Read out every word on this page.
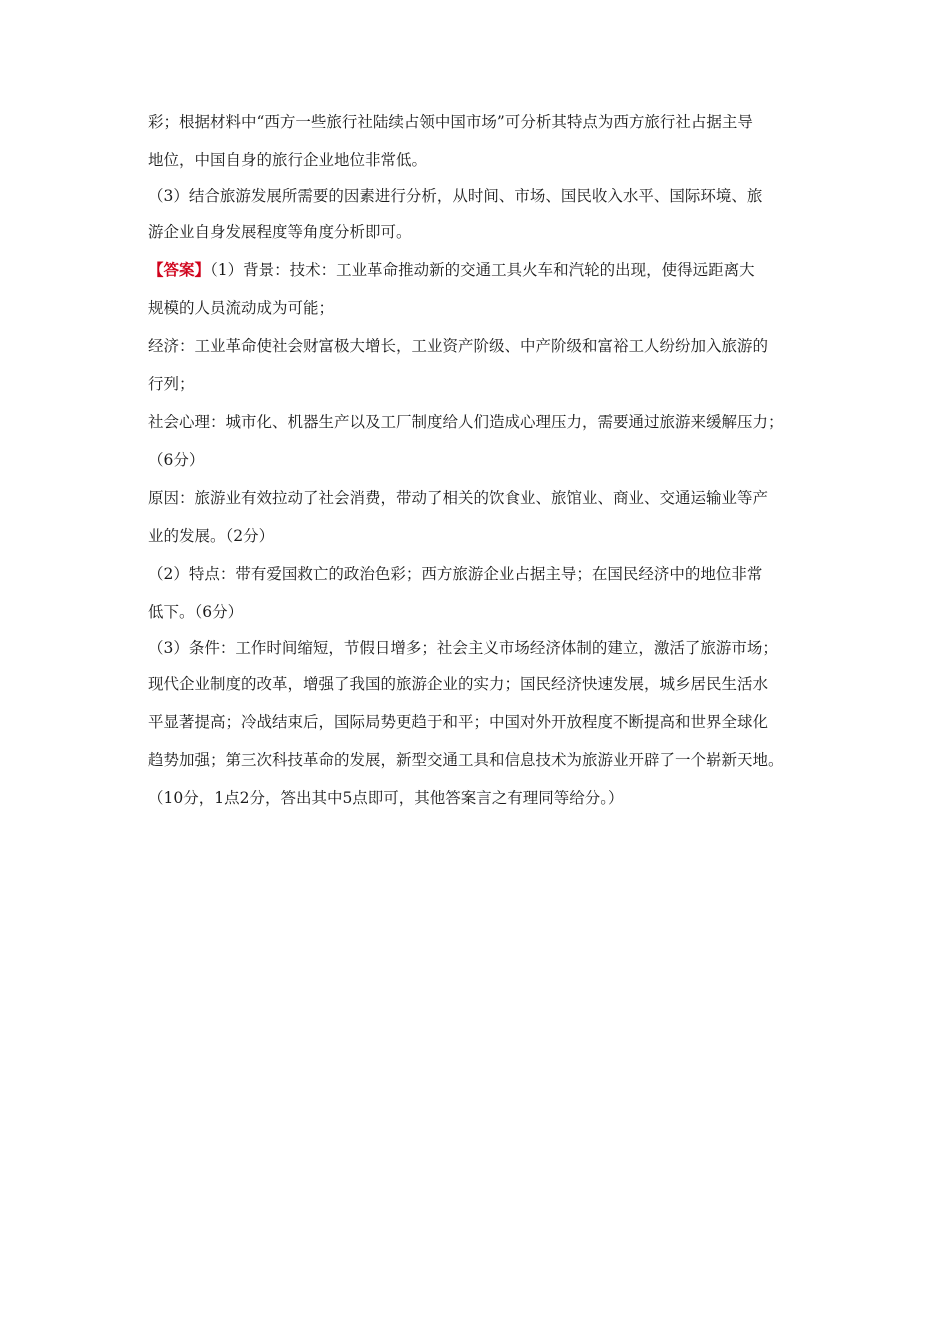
彩；根据材料中“西方一些旅行社陆续占领中国市场”可分析其特点为西方旅行社占据主导
地位，中国自身的旅行企业地位非常低。
（3）结合旅游发展所需要的因素进行分析，从时间、市场、国民收入水平、国际环境、旅
游企业自身发展程度等角度分析即可。
【答案】（1）背景：技术：工业革命推动新的交通工具火车和汽轮的出现，使得远距离大
规模的人员流动成为可能；
经济：工业革命使社会财富极大增长，工业资产阶级、中产阶级和富裕工人纷纷加入旅游的
行列；
社会心理：城市化、机器生产以及工厂制度给人们造成心理压力，需要通过旅游来缓解压力；
（6分）
原因：旅游业有效拉动了社会消费，带动了相关的饮食业、旅馆业、商业、交通运输业等产
业的发展。（2分）
（2）特点：带有爱国救亡的政治色彩；西方旅游企业占据主导；在国民经济中的地位非常
低下。（6分）
（3）条件：工作时间缩短，节假日增多；社会主义市场经济体制的建立，激活了旅游市场；
现代企业制度的改革，增强了我国的旅游企业的实力；国民经济快速发展，城乡居民生活水
平显著提高；冷战结束后，国际局势更趋于和平；中国对外开放程度不断提高和世界全球化
趋势加强；第三次科技革命的发展，新型交通工具和信息技术为旅游业开辟了一个崭新天地。
（10分，1点2分，答出其中5点即可，其他答案言之有理同等给分。）
